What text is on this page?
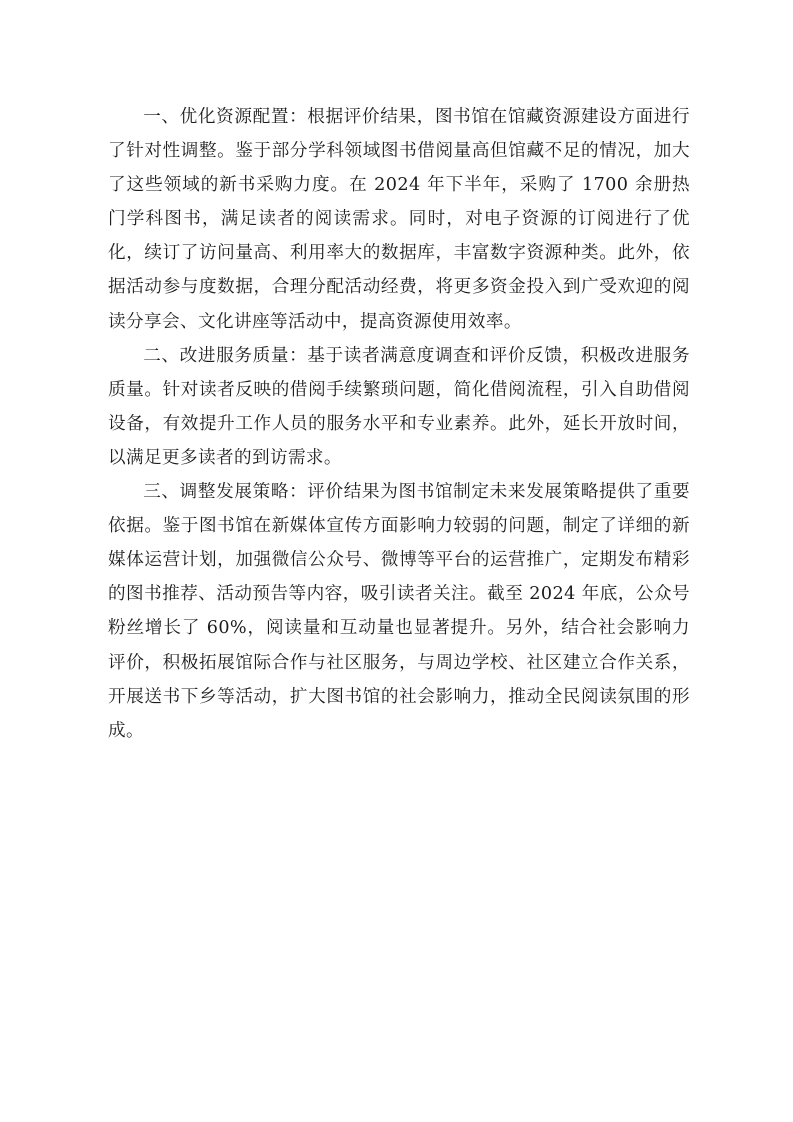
一、优化资源配置：根据评价结果，图书馆在馆藏资源建设方面进行了针对性调整。鉴于部分学科领域图书借阅量高但馆藏不足的情况，加大了这些领域的新书采购力度。在 2024 年下半年，采购了 1700 余册热门学科图书，满足读者的阅读需求。同时，对电子资源的订阅进行了优化，续订了访问量高、利用率大的数据库，丰富数字资源种类。此外，依据活动参与度数据，合理分配活动经费，将更多资金投入到广受欢迎的阅读分享会、文化讲座等活动中，提高资源使用效率。

二、改进服务质量：基于读者满意度调查和评价反馈，积极改进服务质量。针对读者反映的借阅手续繁琐问题，简化借阅流程，引入自助借阅设备，有效提升工作人员的服务水平和专业素养。此外，延长开放时间，以满足更多读者的到访需求。

三、调整发展策略：评价结果为图书馆制定未来发展策略提供了重要依据。鉴于图书馆在新媒体宣传方面影响力较弱的问题，制定了详细的新媒体运营计划，加强微信公众号、微博等平台的运营推广，定期发布精彩的图书推荐、活动预告等内容，吸引读者关注。截至 2024 年底，公众号粉丝增长了 60%，阅读量和互动量也显著提升。另外，结合社会影响力评价，积极拓展馆际合作与社区服务，与周边学校、社区建立合作关系，开展送书下乡等活动，扩大图书馆的社会影响力，推动全民阅读氛围的形成。
